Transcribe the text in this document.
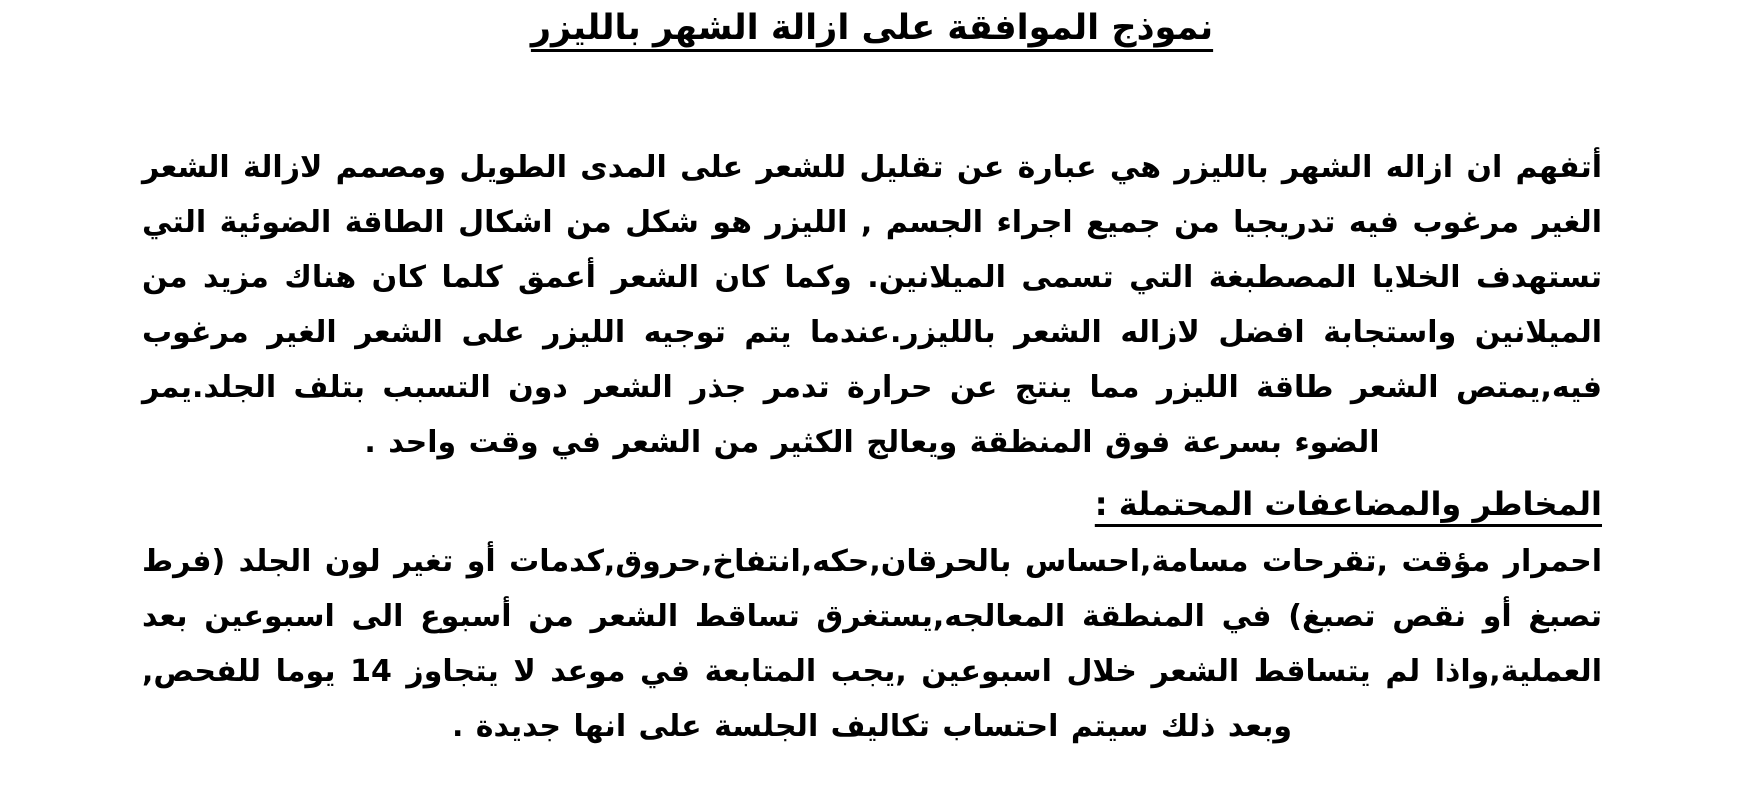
نموذج الموافقة على ازالة الشهر بالليزر

أتفهم ان ازاله الشهر بالليزر هي عبارة عن تقليل للشعر على المدى الطويل ومصمم لازالة الشعر الغير مرغوب فيه تدريجيا من جميع اجراء الجسم , الليزر هو شكل من اشكال الطاقة الضوئية التي تستهدف الخلايا المصطبغة التي تسمى الميلانين. وكما كان الشعر أعمق كلما كان هناك مزيد من الميلانين واستجابة افضل لازاله الشعر بالليزر.عندما يتم توجيه الليزر على الشعر الغير مرغوب فيه,يمتص الشعر طاقة الليزر مما ينتج عن حرارة تدمر جذر الشعر دون التسبب بتلف الجلد.يمر الضوء بسرعة فوق المنظقة ويعالج الكثير من الشعر في وقت واحد .

المخاطر والمضاعفات المحتملة :

احمرار مؤقت ,تقرحات مسامة,احساس بالحرقان,حكه,انتفاخ,حروق,كدمات أو تغير لون الجلد (فرط تصبغ أو نقص تصبغ) في المنطقة المعالجه,يستغرق تساقط الشعر من أسبوع الى اسبوعين بعد العملية,واذا لم يتساقط الشعر خلال اسبوعين ,يجب المتابعة في موعد لا يتجاوز 14 يوما للفحص, وبعد ذلك سيتم احتساب تكاليف الجلسة على انها جديدة .
